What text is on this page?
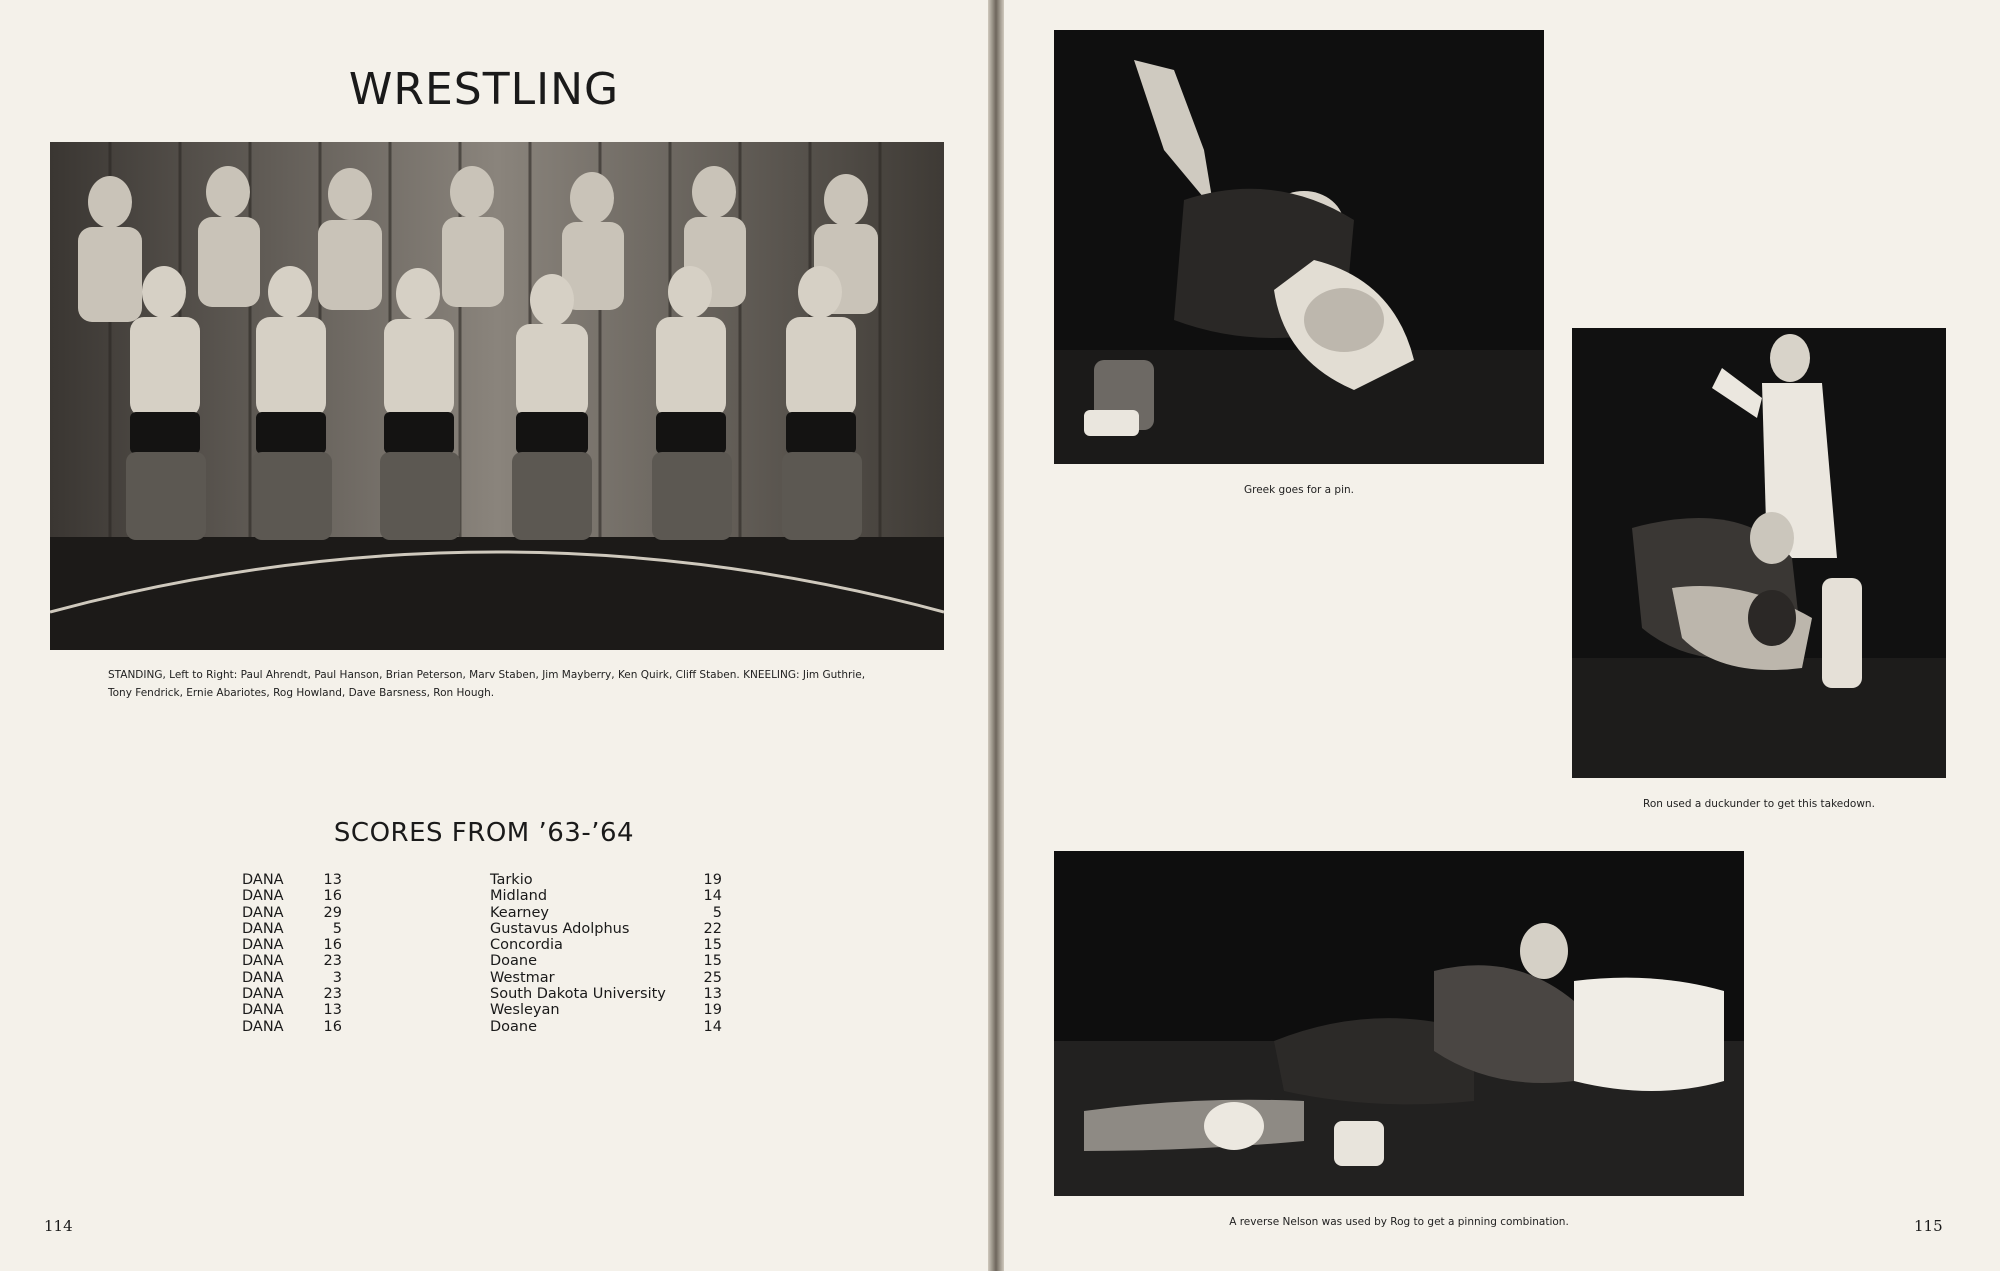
WRESTLING
STANDING, Left to Right: Paul Ahrendt, Paul Hanson, Brian Peterson, Marv Staben, Jim Mayberry, Ken Quirk, Cliff Staben. KNEELING: Jim Guthrie, Tony Fendrick, Ernie Abariotes, Rog Howland, Dave Barsness, Ron Hough.
SCORES FROM ’63-’64
DANA	13	Tarkio	19
DANA	16	Midland	14
DANA	29	Kearney	5
DANA	5	Gustavus Adolphus	22
DANA	16	Concordia	15
DANA	23	Doane	15
DANA	3	Westmar	25
DANA	23	South Dakota University	13
DANA	13	Wesleyan	19
DANA	16	Doane	14
114
Greek goes for a pin.
Ron used a duckunder to get this takedown.
A reverse Nelson was used by Rog to get a pinning combination.	115
